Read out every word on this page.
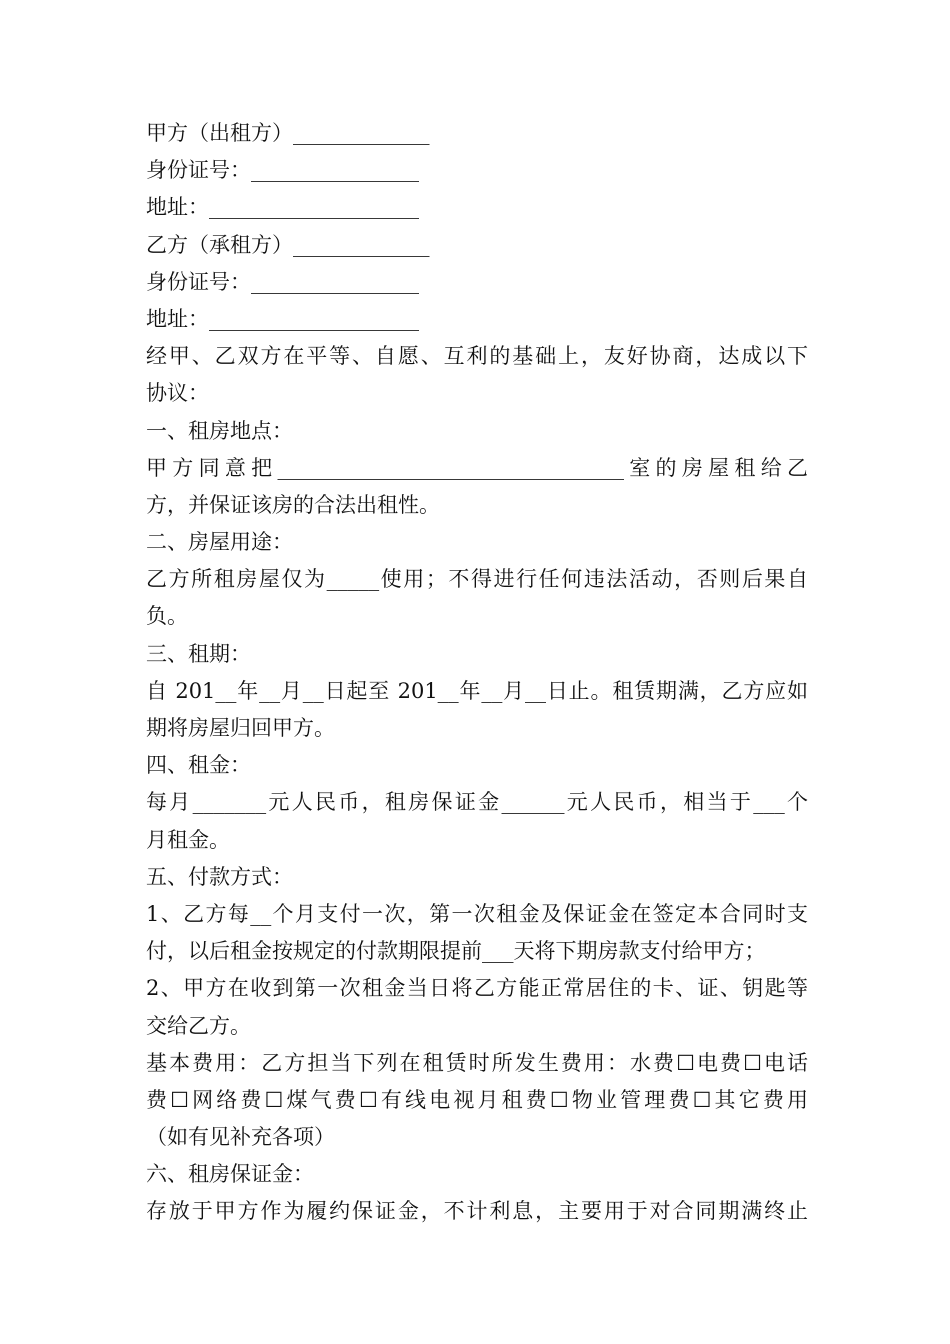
甲方（出租方）_____________
身份证号：________________
地址：____________________
乙方（承租方）_____________
身份证号：________________
地址：____________________
经甲、乙双方在平等、自愿、互利的基础上，友好协商，达成以下
协议：
一、租房地点：
甲方同意把_________________________________室的房屋租给乙
方，并保证该房的合法出租性。
二、房屋用途：
乙方所租房屋仅为_____使用；不得进行任何违法活动，否则后果自
负。
三、租期：
自 201__年__月__日起至 201__年__月__日止。租赁期满，乙方应如
期将房屋归回甲方。
四、租金：
每月_______元人民币，租房保证金______元人民币，相当于___个
月租金。
五、付款方式：
1、乙方每__个月支付一次，第一次租金及保证金在签定本合同时支
付，以后租金按规定的付款期限提前___天将下期房款支付给甲方；
2、甲方在收到第一次租金当日将乙方能正常居住的卡、证、钥匙等
交给乙方。
基本费用：乙方担当下列在租赁时所发生费用：水费☐电费☐电话
费☐网络费☐煤气费☐有线电视月租费☐物业管理费☐其它费用
（如有见补充各项）
六、租房保证金：
存放于甲方作为履约保证金，不计利息，主要用于对合同期满终止
